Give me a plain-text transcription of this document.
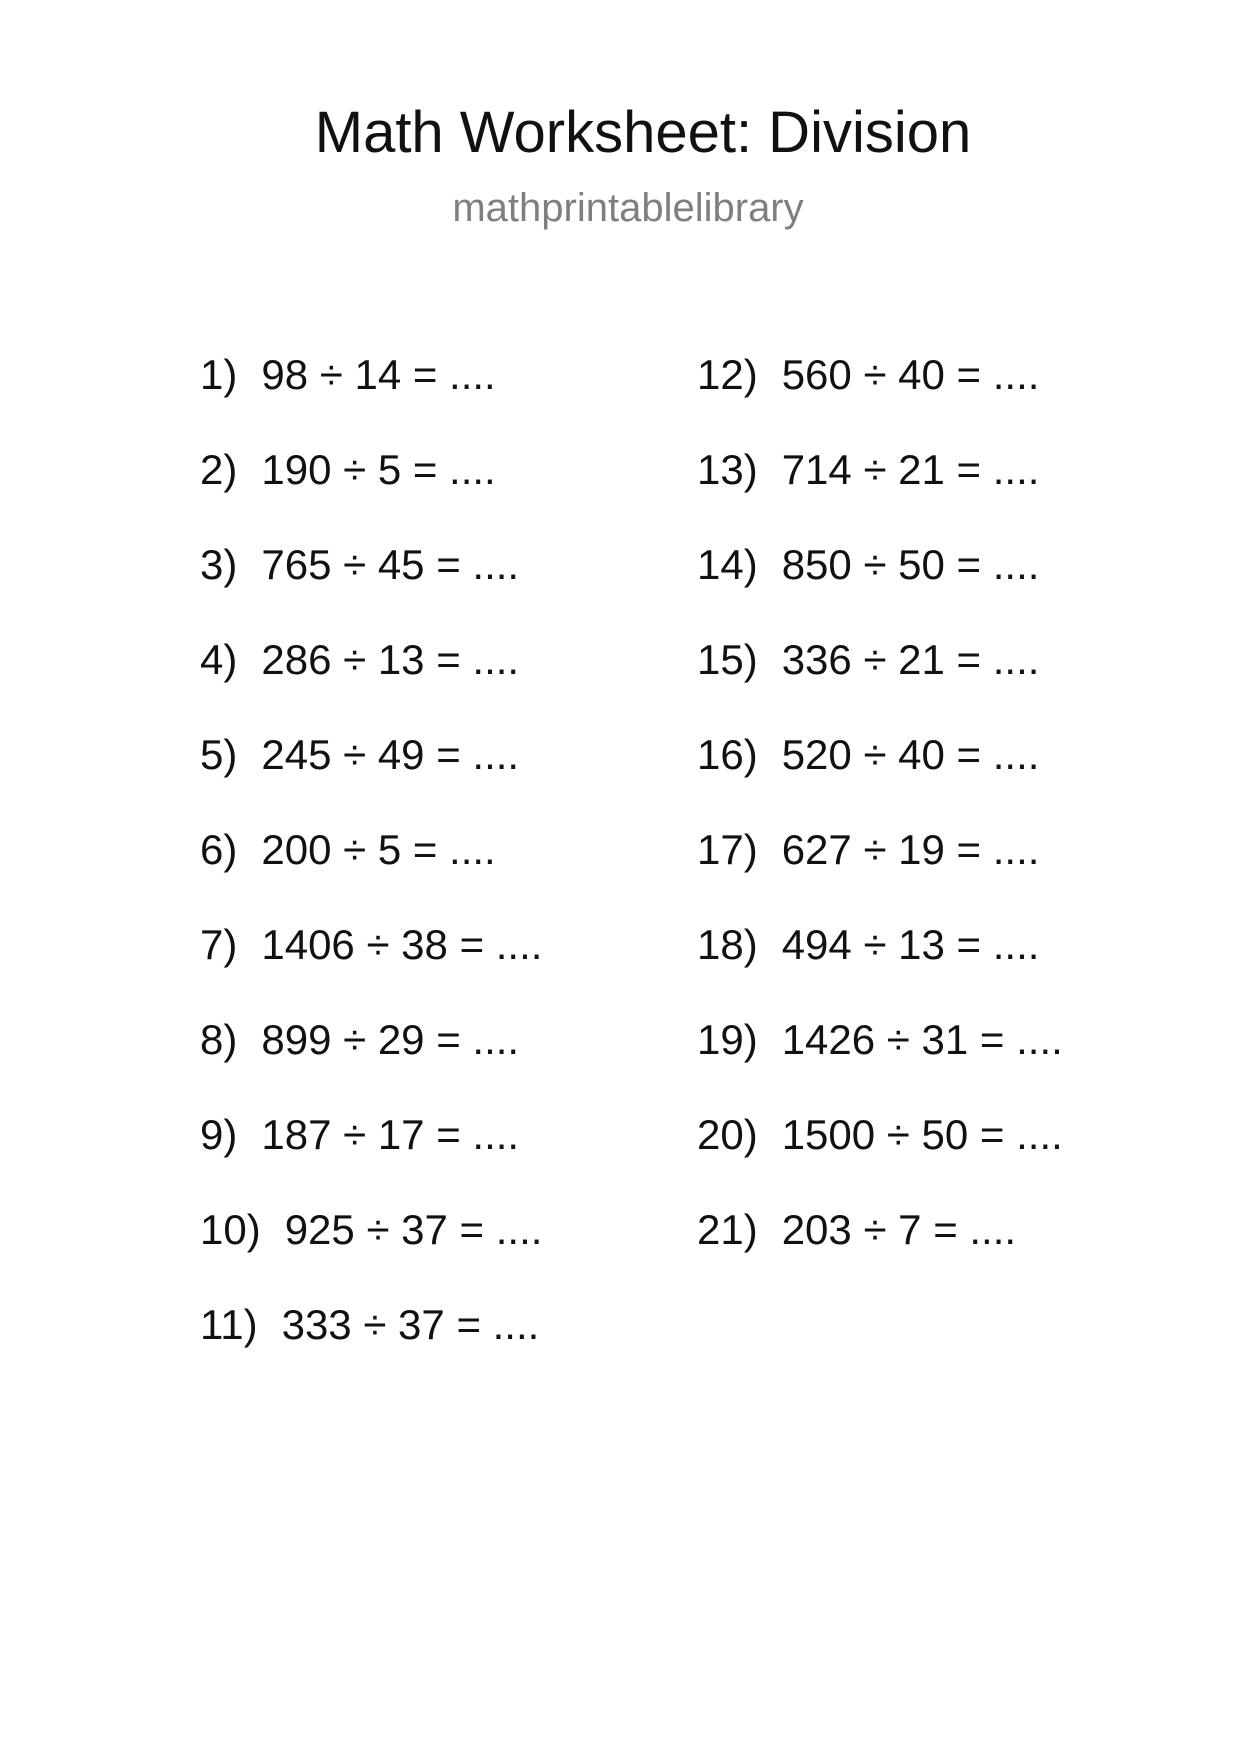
Math Worksheet: Division
mathprintablelibrary
1) 98 ÷ 14 = ....
2) 190 ÷ 5 = ....
3) 765 ÷ 45 = ....
4) 286 ÷ 13 = ....
5) 245 ÷ 49 = ....
6) 200 ÷ 5 = ....
7) 1406 ÷ 38 = ....
8) 899 ÷ 29 = ....
9) 187 ÷ 17 = ....
10) 925 ÷ 37 = ....
11) 333 ÷ 37 = ....
12) 560 ÷ 40 = ....
13) 714 ÷ 21 = ....
14) 850 ÷ 50 = ....
15) 336 ÷ 21 = ....
16) 520 ÷ 40 = ....
17) 627 ÷ 19 = ....
18) 494 ÷ 13 = ....
19) 1426 ÷ 31 = ....
20) 1500 ÷ 50 = ....
21) 203 ÷ 7 = ....
